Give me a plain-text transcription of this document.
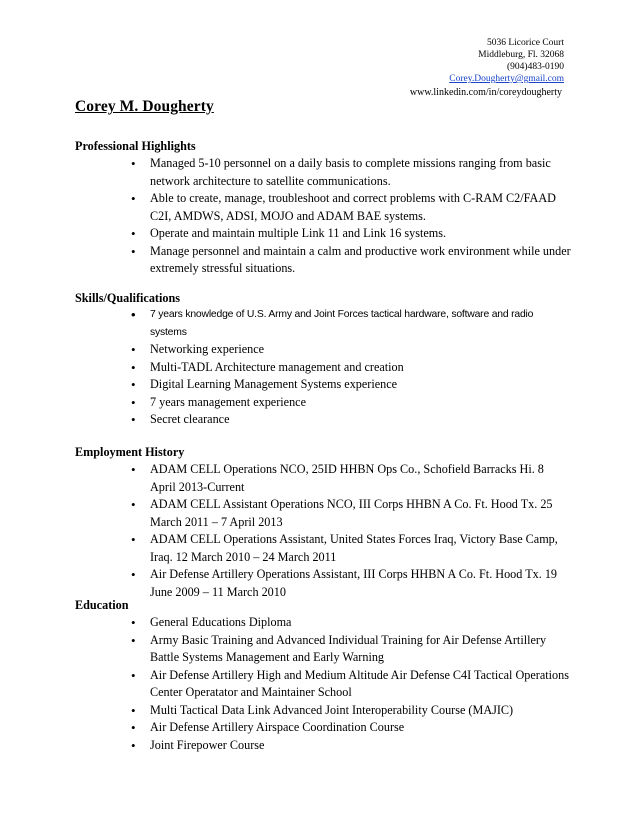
5036 Licorice Court
Middleburg, Fl. 32068
(904)483-0190
Corey.Dougherty@gmail.com
www.linkedin.com/in/coreydougherty
Corey M. Dougherty
Professional Highlights
• Managed 5-10 personnel on a daily basis to complete missions ranging from basic network architecture to satellite communications.
• Able to create, manage, troubleshoot and correct problems with C-RAM C2/FAAD C2I, AMDWS, ADSI, MOJO and ADAM BAE systems.
• Operate and maintain multiple Link 11 and Link 16 systems.
• Manage personnel and maintain a calm and productive work environment while under extremely stressful situations.
Skills/Qualifications
• 7 years knowledge of U.S. Army and Joint Forces tactical hardware, software and radio systems
• Networking experience
• Multi-TADL Architecture management and creation
• Digital Learning Management Systems experience
• 7 years management experience
• Secret clearance
Employment History
• ADAM CELL Operations NCO, 25ID HHBN Ops Co., Schofield Barracks Hi. 8 April 2013-Current
• ADAM CELL Assistant Operations NCO, III Corps HHBN A Co. Ft. Hood Tx. 25 March 2011 – 7 April 2013
• ADAM CELL Operations Assistant, United States Forces Iraq, Victory Base Camp, Iraq. 12 March 2010 – 24 March 2011
• Air Defense Artillery Operations Assistant, III Corps HHBN A Co. Ft. Hood Tx. 19 June 2009 – 11 March 2010
Education
• General Educations Diploma
• Army Basic Training and Advanced Individual Training for Air Defense Artillery Battle Systems Management and Early Warning
• Air Defense Artillery High and Medium Altitude Air Defense C4I Tactical Operations Center Operatator and Maintainer School
• Multi Tactical Data Link Advanced Joint Interoperability Course (MAJIC)
• Air Defense Artillery Airspace Coordination Course
• Joint Firepower Course
